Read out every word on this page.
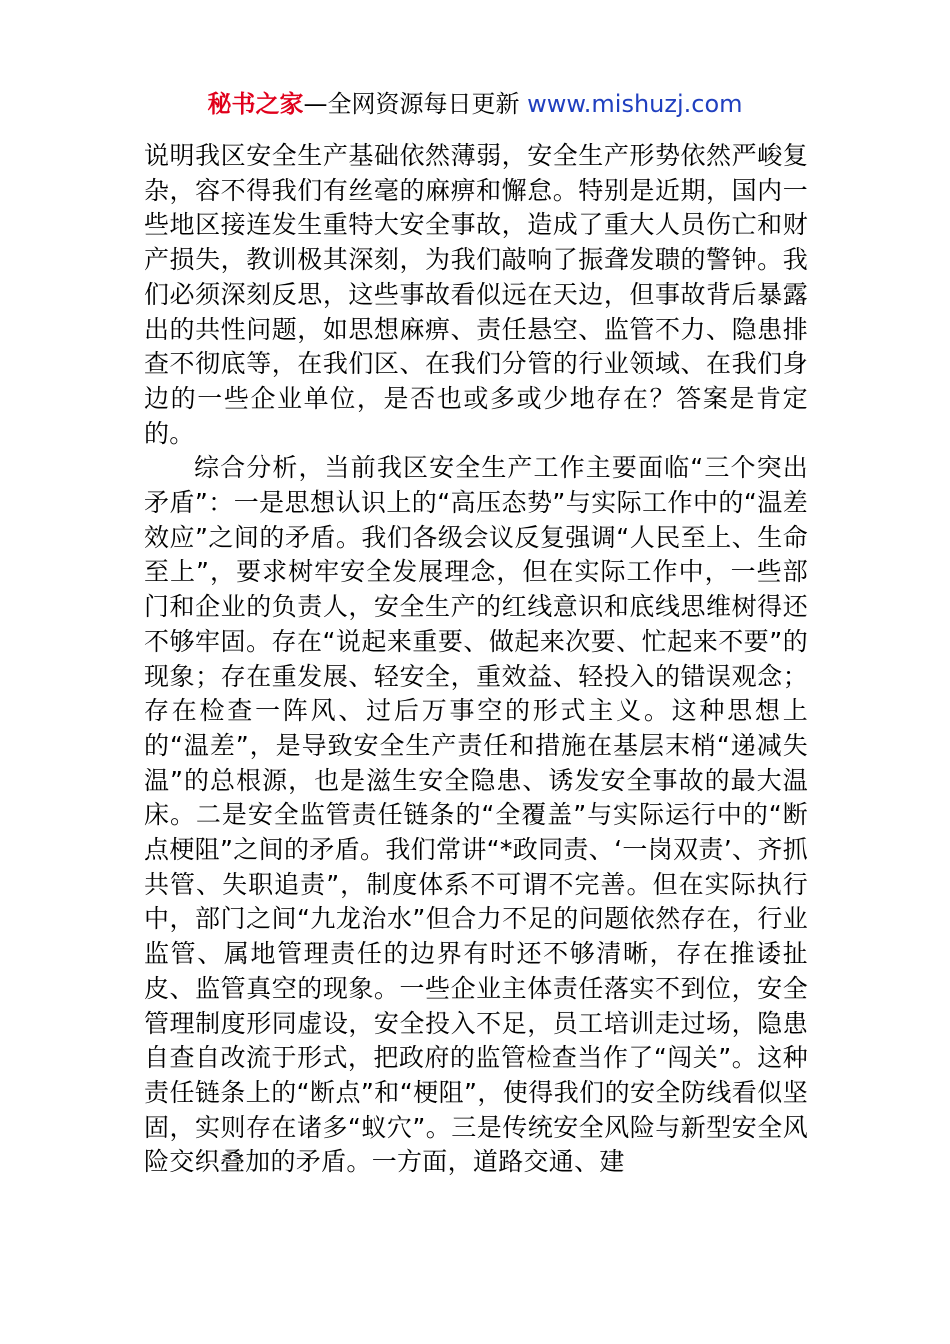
秘书之家—全网资源每日更新 www.mishuzj.com

说明我区安全生产基础依然薄弱，安全生产形势依然严峻复杂，容不得我们有丝毫的麻痹和懈怠。特别是近期，国内一些地区接连发生重特大安全事故，造成了重大人员伤亡和财产损失，教训极其深刻，为我们敲响了振聋发聩的警钟。我们必须深刻反思，这些事故看似远在天边，但事故背后暴露出的共性问题，如思想麻痹、责任悬空、监管不力、隐患排查不彻底等，在我们区、在我们分管的行业领域、在我们身边的一些企业单位，是否也或多或少地存在？答案是肯定的。

综合分析，当前我区安全生产工作主要面临“三个突出矛盾”：一是思想认识上的“高压态势”与实际工作中的“温差效应”之间的矛盾。我们各级会议反复强调“人民至上、生命至上”，要求树牢安全发展理念，但在实际工作中，一些部门和企业的负责人，安全生产的红线意识和底线思维树得还不够牢固。存在“说起来重要、做起来次要、忙起来不要”的现象；存在重发展、轻安全，重效益、轻投入的错误观念；存在检查一阵风、过后万事空的形式主义。这种思想上的“温差”，是导致安全生产责任和措施在基层末梢“递减失温”的总根源，也是滋生安全隐患、诱发安全事故的最大温床。二是安全监管责任链条的“全覆盖”与实际运行中的“断点梗阻”之间的矛盾。我们常讲“*政同责、‘一岗双责’、齐抓共管、失职追责”，制度体系不可谓不完善。但在实际执行中，部门之间“九龙治水”但合力不足的问题依然存在，行业监管、属地管理责任的边界有时还不够清晰，存在推诿扯皮、监管真空的现象。一些企业主体责任落实不到位，安全管理制度形同虚设，安全投入不足，员工培训走过场，隐患自查自改流于形式，把政府的监管检查当作了“闯关”。这种责任链条上的“断点”和“梗阻”，使得我们的安全防线看似坚固，实则存在诸多“蚁穴”。三是传统安全风险与新型安全风险交织叠加的矛盾。一方面，道路交通、建
